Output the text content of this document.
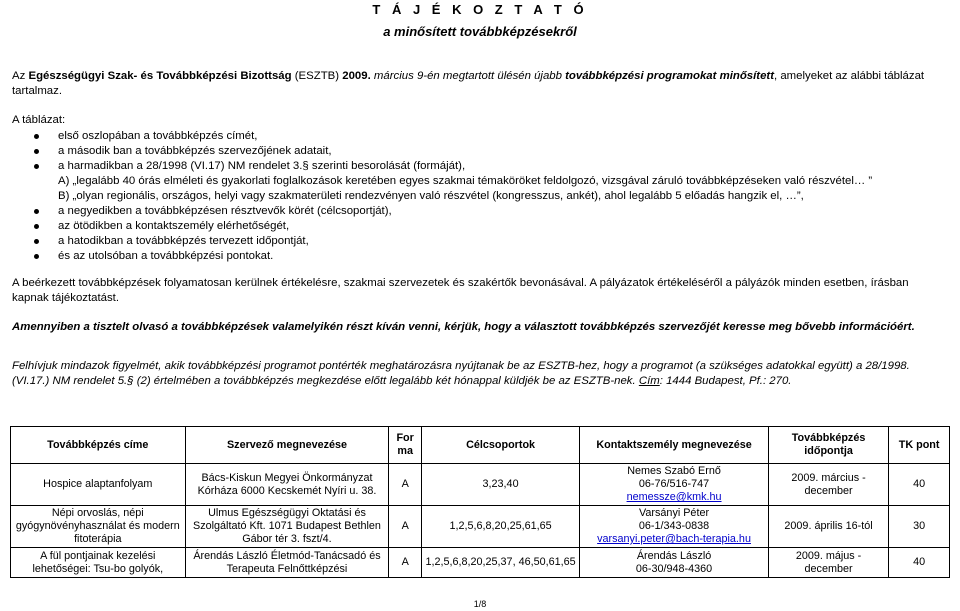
T Á J É K O Z T A T Ó
a minősített továbbképzésekről
Az Egészségügyi Szak- és Továbbképzési Bizottság (ESZTB) 2009. március 9-én megtartott ülésén újabb továbbképzési programokat minősített, amelyeket az alábbi táblázat tartalmaz.
A táblázat:
első oszlopában a továbbképzés címét,
a második ban a továbbképzés szervezőjének adatait,
a harmadikban a 28/1998 (VI.17) NM rendelet 3.§ szerinti besorolását (formáját),
A) „legalább 40 órás elméleti és gyakorlati foglalkozások keretében egyes szakmai témaköröket feldolgozó, vizsgával záruló továbbképzéseken való részvétel… ”
B) „olyan regionális, országos, helyi vagy szakmaterületi rendezvényen való részvétel (kongresszus, ankét), ahol legalább 5 előadás hangzik el, …”,
a negyedikben a továbbképzésen résztvevők körét (célcsoportját),
az ötödikben a kontaktszemély elérhetőségét,
a hatodikban a továbbképzés tervezett időpontját,
és az utolsóban a továbbképzési pontokat.
A beérkezett továbbképzések folyamatosan kerülnek értékelésre, szakmai szervezetek és szakértők bevonásával. A pályázatok értékeléséről a pályázók minden esetben, írásban kapnak tájékoztatást.
Amennyiben a tisztelt olvasó a továbbképzések valamelyikén részt kíván venni, kérjük, hogy a választott továbbképzés szervezőjét keresse meg bővebb információért.
Felhívjuk mindazok figyelmét, akik továbbképzési programot pontérték meghatározásra nyújtanak be az ESZTB-hez, hogy a programot (a szükséges adatokkal együtt) a 28/1998. (VI.17.) NM rendelet 5.§ (2) értelmében a továbbképzés megkezdése előtt legalább két hónappal küldjék be az ESZTB-nek. Cím: 1444 Budapest, Pf.: 270.
Továbbképzés címe	Szervező megnevezése	Forma	Célcsoportok	Kontaktszemély megnevezése	Továbbképzés időpontja	TK pont
Hospice alaptanfolyam	Bács-Kiskun Megyei Önkormányzat Kórháza 6000 Kecskemét Nyíri u. 38.	A	3,23,40	Nemes Szabó Ernő
06-76/516-747
nemessze@kmk.hu	2009. március - december	40
Népi orvoslás, népi gyógynövényhasználat és modern fitoterápia	Ulmus Egészségügyi Oktatási és Szolgáltató Kft. 1071 Budapest Bethlen Gábor tér 3. fszt/4.	A	1,2,5,6,8,20,25,61,65	Varsányi Péter
06-1/343-0838
varsanyi.peter@bach-terapia.hu	2009. április 16-tól	30
A fül pontjainak kezelési lehetőségei: Tsu-bo golyók,	Árendás László Életmód-Tanácsadó és Terapeuta Felnőttképzési	A	1,2,5,6,8,20,25,37, 46,50,61,65	Árendás László
06-30/948-4360	2009. május - december	40
1/8
